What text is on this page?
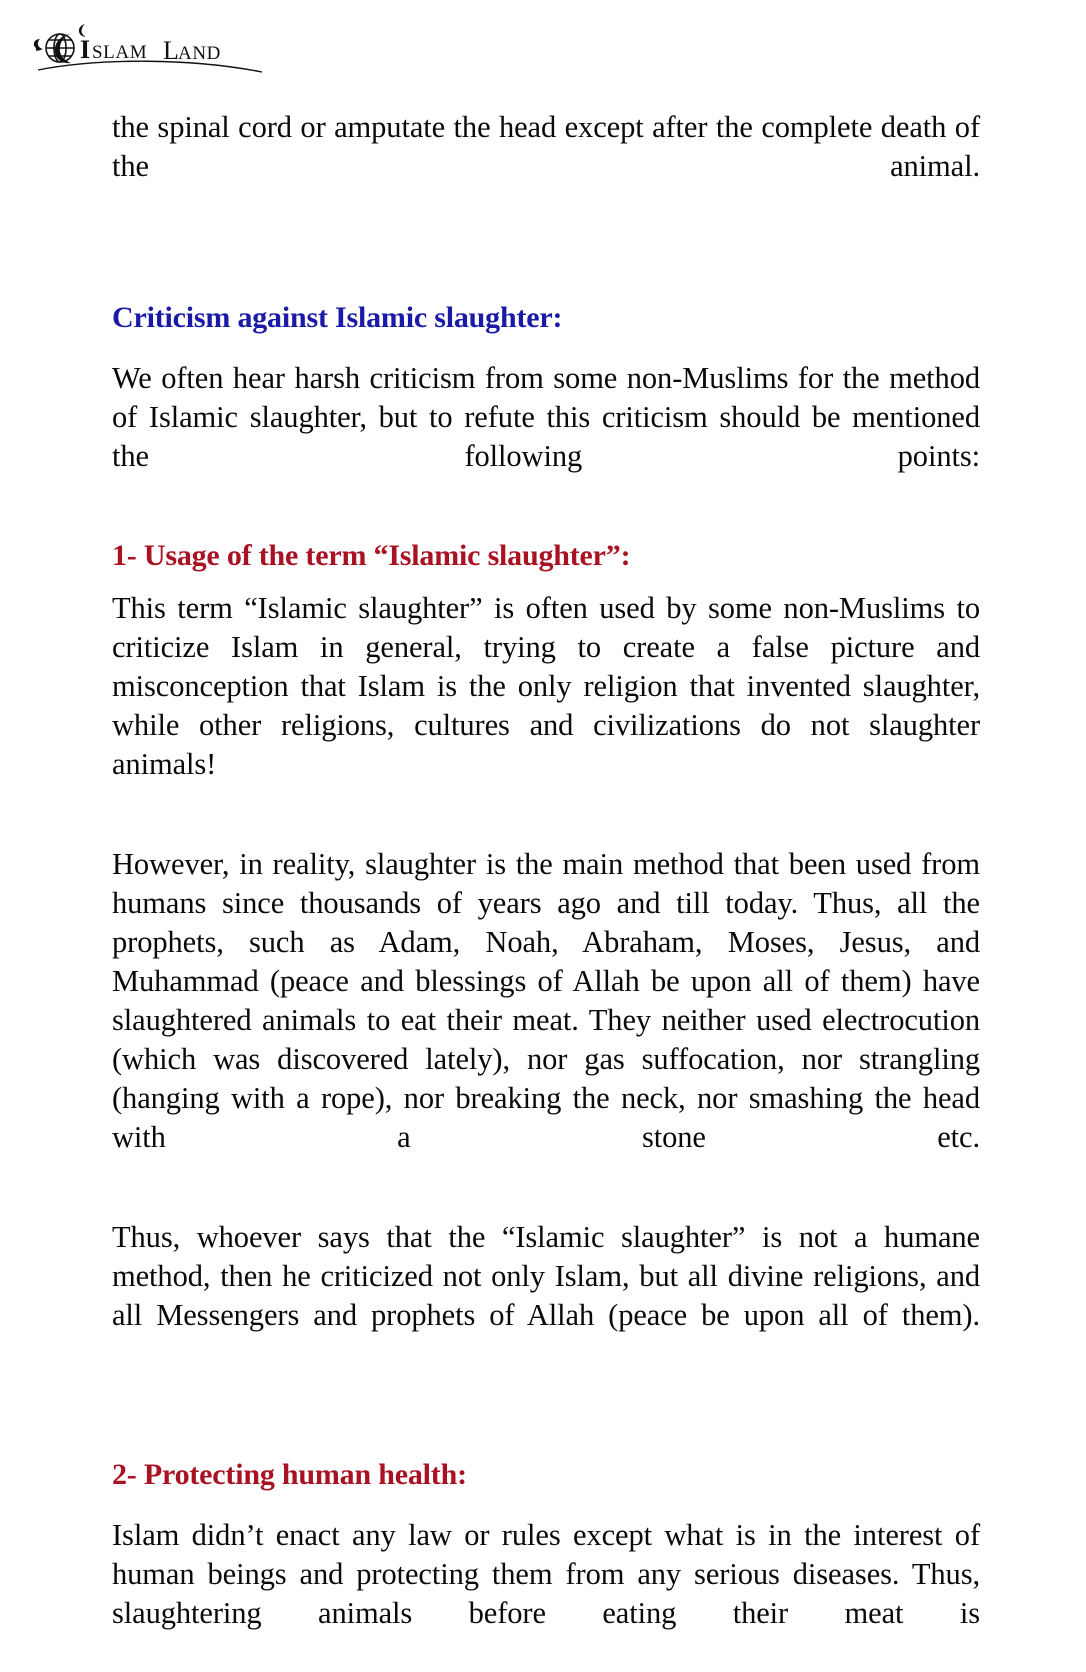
I SLAM L
AND

the spinal cord or amputate the head except after the complete death of the animal.

Criticism against Islamic slaughter:

We often hear harsh criticism from some non-Muslims for the method of Islamic slaughter, but to refute this criticism should be mentioned the following points:

1- Usage of the term “Islamic slaughter”:

This term “Islamic slaughter” is often used by some non-Muslims to criticize Islam in general, trying to create a false picture and misconception that Islam is the only religion that invented slaughter, while other religions, cultures and civilizations do not slaughter animals!

However, in reality, slaughter is the main method that been used from humans since thousands of years ago and till today. Thus, all the prophets, such as Adam, Noah, Abraham, Moses, Jesus, and Muhammad (peace and blessings of Allah be upon all of them) have slaughtered animals to eat their meat. They neither used electrocution (which was discovered lately), nor gas suffocation, nor strangling (hanging with a rope), nor breaking the neck, nor smashing the head with a stone etc.

Thus, whoever says that the “Islamic slaughter” is not a humane method, then he criticized not only Islam, but all divine religions, and all Messengers and prophets of Allah (peace be upon all of them).

2- Protecting human health:

Islam didn’t enact any law or rules except what is in the interest of human beings and protecting them from any serious diseases. Thus, slaughtering animals before eating their meat is
